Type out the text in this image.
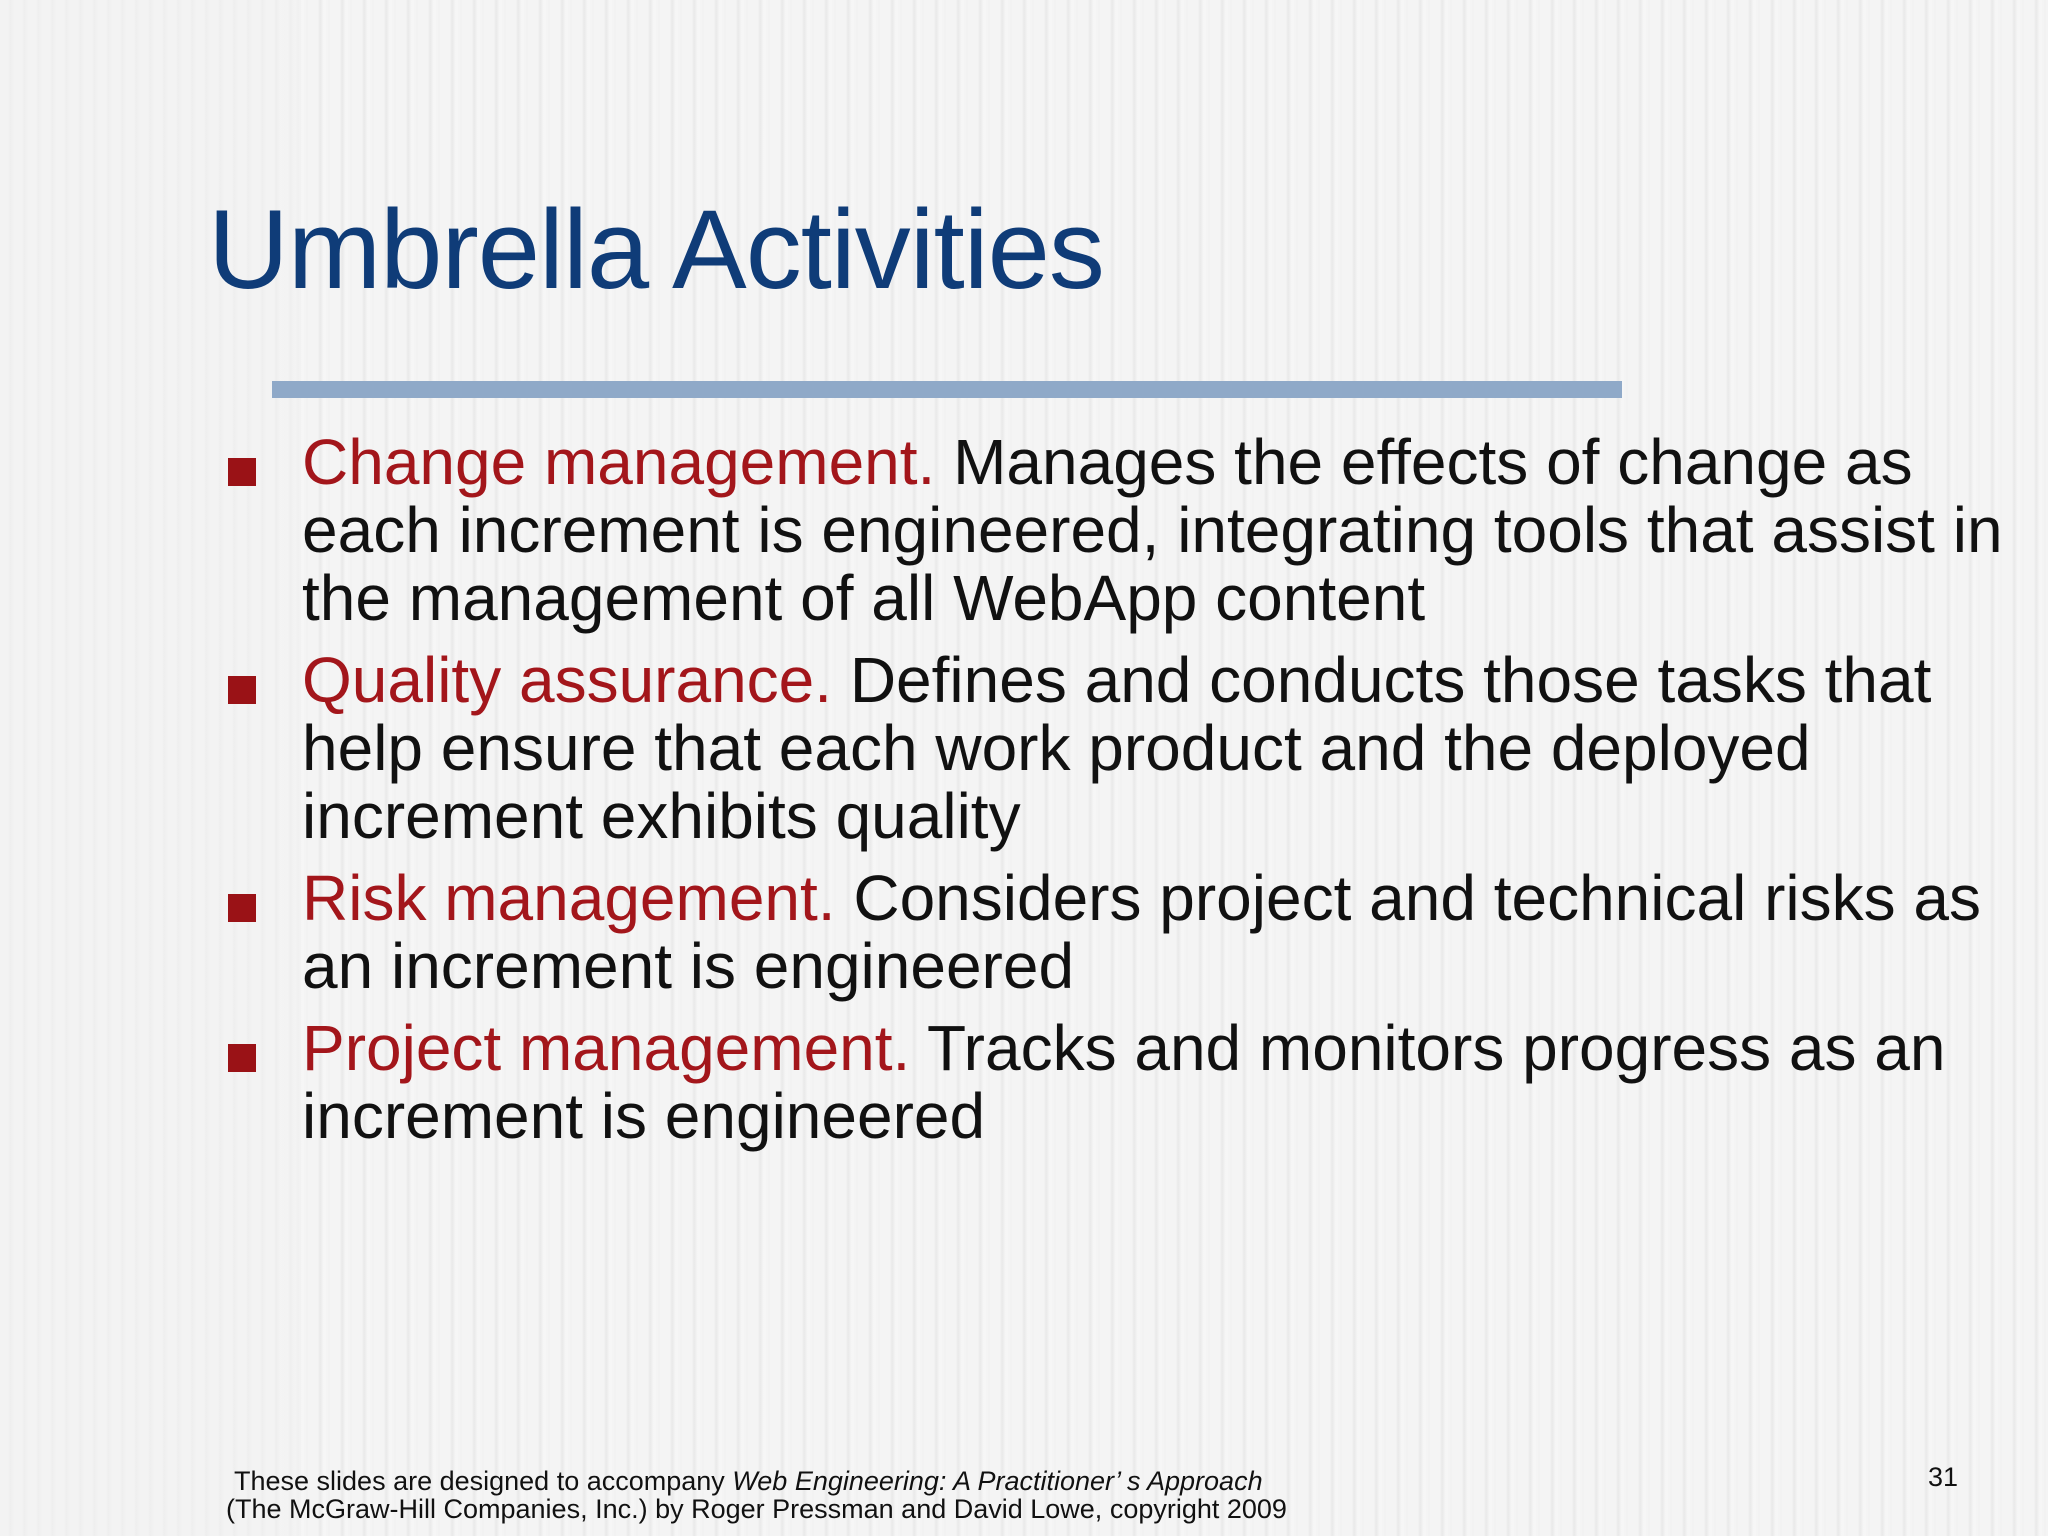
Umbrella Activities
Change management. Manages the effects of change as each increment is engineered, integrating tools that assist in the management of all WebApp content
Quality assurance. Defines and conducts those tasks that help ensure that each work product and the deployed increment exhibits quality
Risk management. Considers project and technical risks as an increment is engineered
Project management. Tracks and monitors progress as an increment is engineered
These slides are designed to accompany Web Engineering: A Practitioner’ s Approach
(The McGraw-Hill Companies, Inc.) by Roger Pressman and David Lowe, copyright 2009
31
